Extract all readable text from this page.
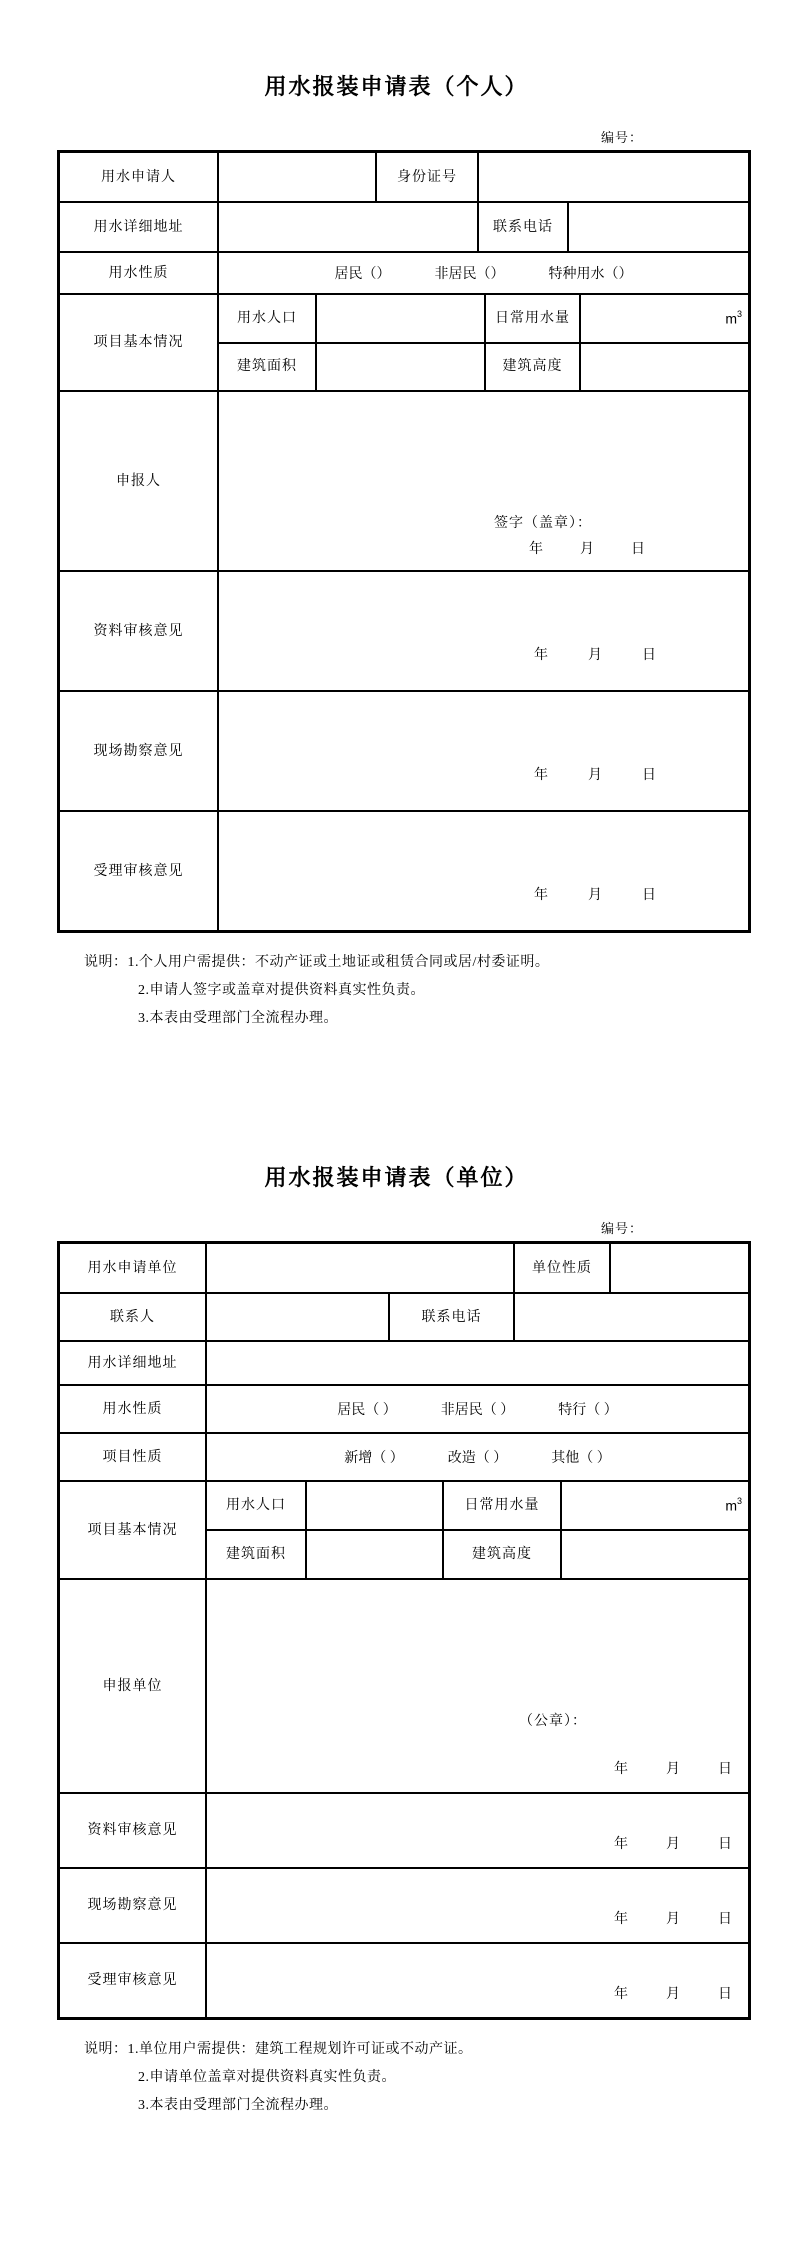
用水报装申请表（个人）
编号：
用水申请人	身份证号
用水详细地址	联系电话
用水性质	居民（）	非居民（）	特种用水（）
项目基本情况
用水人口	日常用水量	$m^3$
建筑面积	建筑高度
申报人
签字（盖章）：
年	月	日
资料审核意见
年	月	日
现场勘察意见
年	月	日
受理审核意见
年	月	日
说明：1.个人用户需提供：不动产证或土地证或租赁合同或居/村委证明。
2.申请人签字或盖章对提供资料真实性负责。
3.本表由受理部门全流程办理。
用水报装申请表（单位）
编号：
用水申请单位	单位性质
联系人	联系电话
用水详细地址
用水性质	居民（ ）	非居民（ ）	特行（ ）
项目性质	新增（ ）	改造（ ）	其他（ ）
项目基本情况
用水人口	日常用水量	$m^3$
建筑面积	建筑高度
申报单位
（公章）：
年	月	日
资料审核意见
年	月	日
现场勘察意见
年	月	日
受理审核意见
年	月	日
说明：1.单位用户需提供：建筑工程规划许可证或不动产证。
2.申请单位盖章对提供资料真实性负责。
3.本表由受理部门全流程办理。
